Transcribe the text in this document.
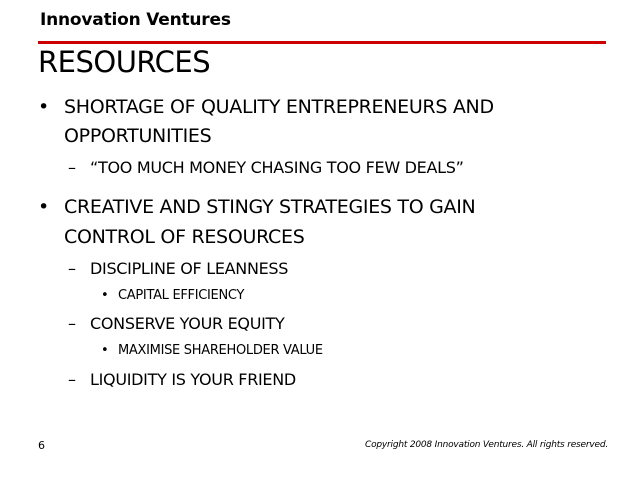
Innovation Ventures
RESOURCES
• SHORTAGE OF QUALITY ENTREPRENEURS AND
OPPORTUNITIES
– “TOO MUCH MONEY CHASING TOO FEW DEALS”
• CREATIVE AND STINGY STRATEGIES TO GAIN
CONTROL OF RESOURCES
– DISCIPLINE OF LEANNESS
• CAPITAL EFFICIENCY
– CONSERVE YOUR EQUITY
• MAXIMISE SHAREHOLDER VALUE
– LIQUIDITY IS YOUR FRIEND
6	Copyright 2008 Innovation Ventures. All rights reserved.
